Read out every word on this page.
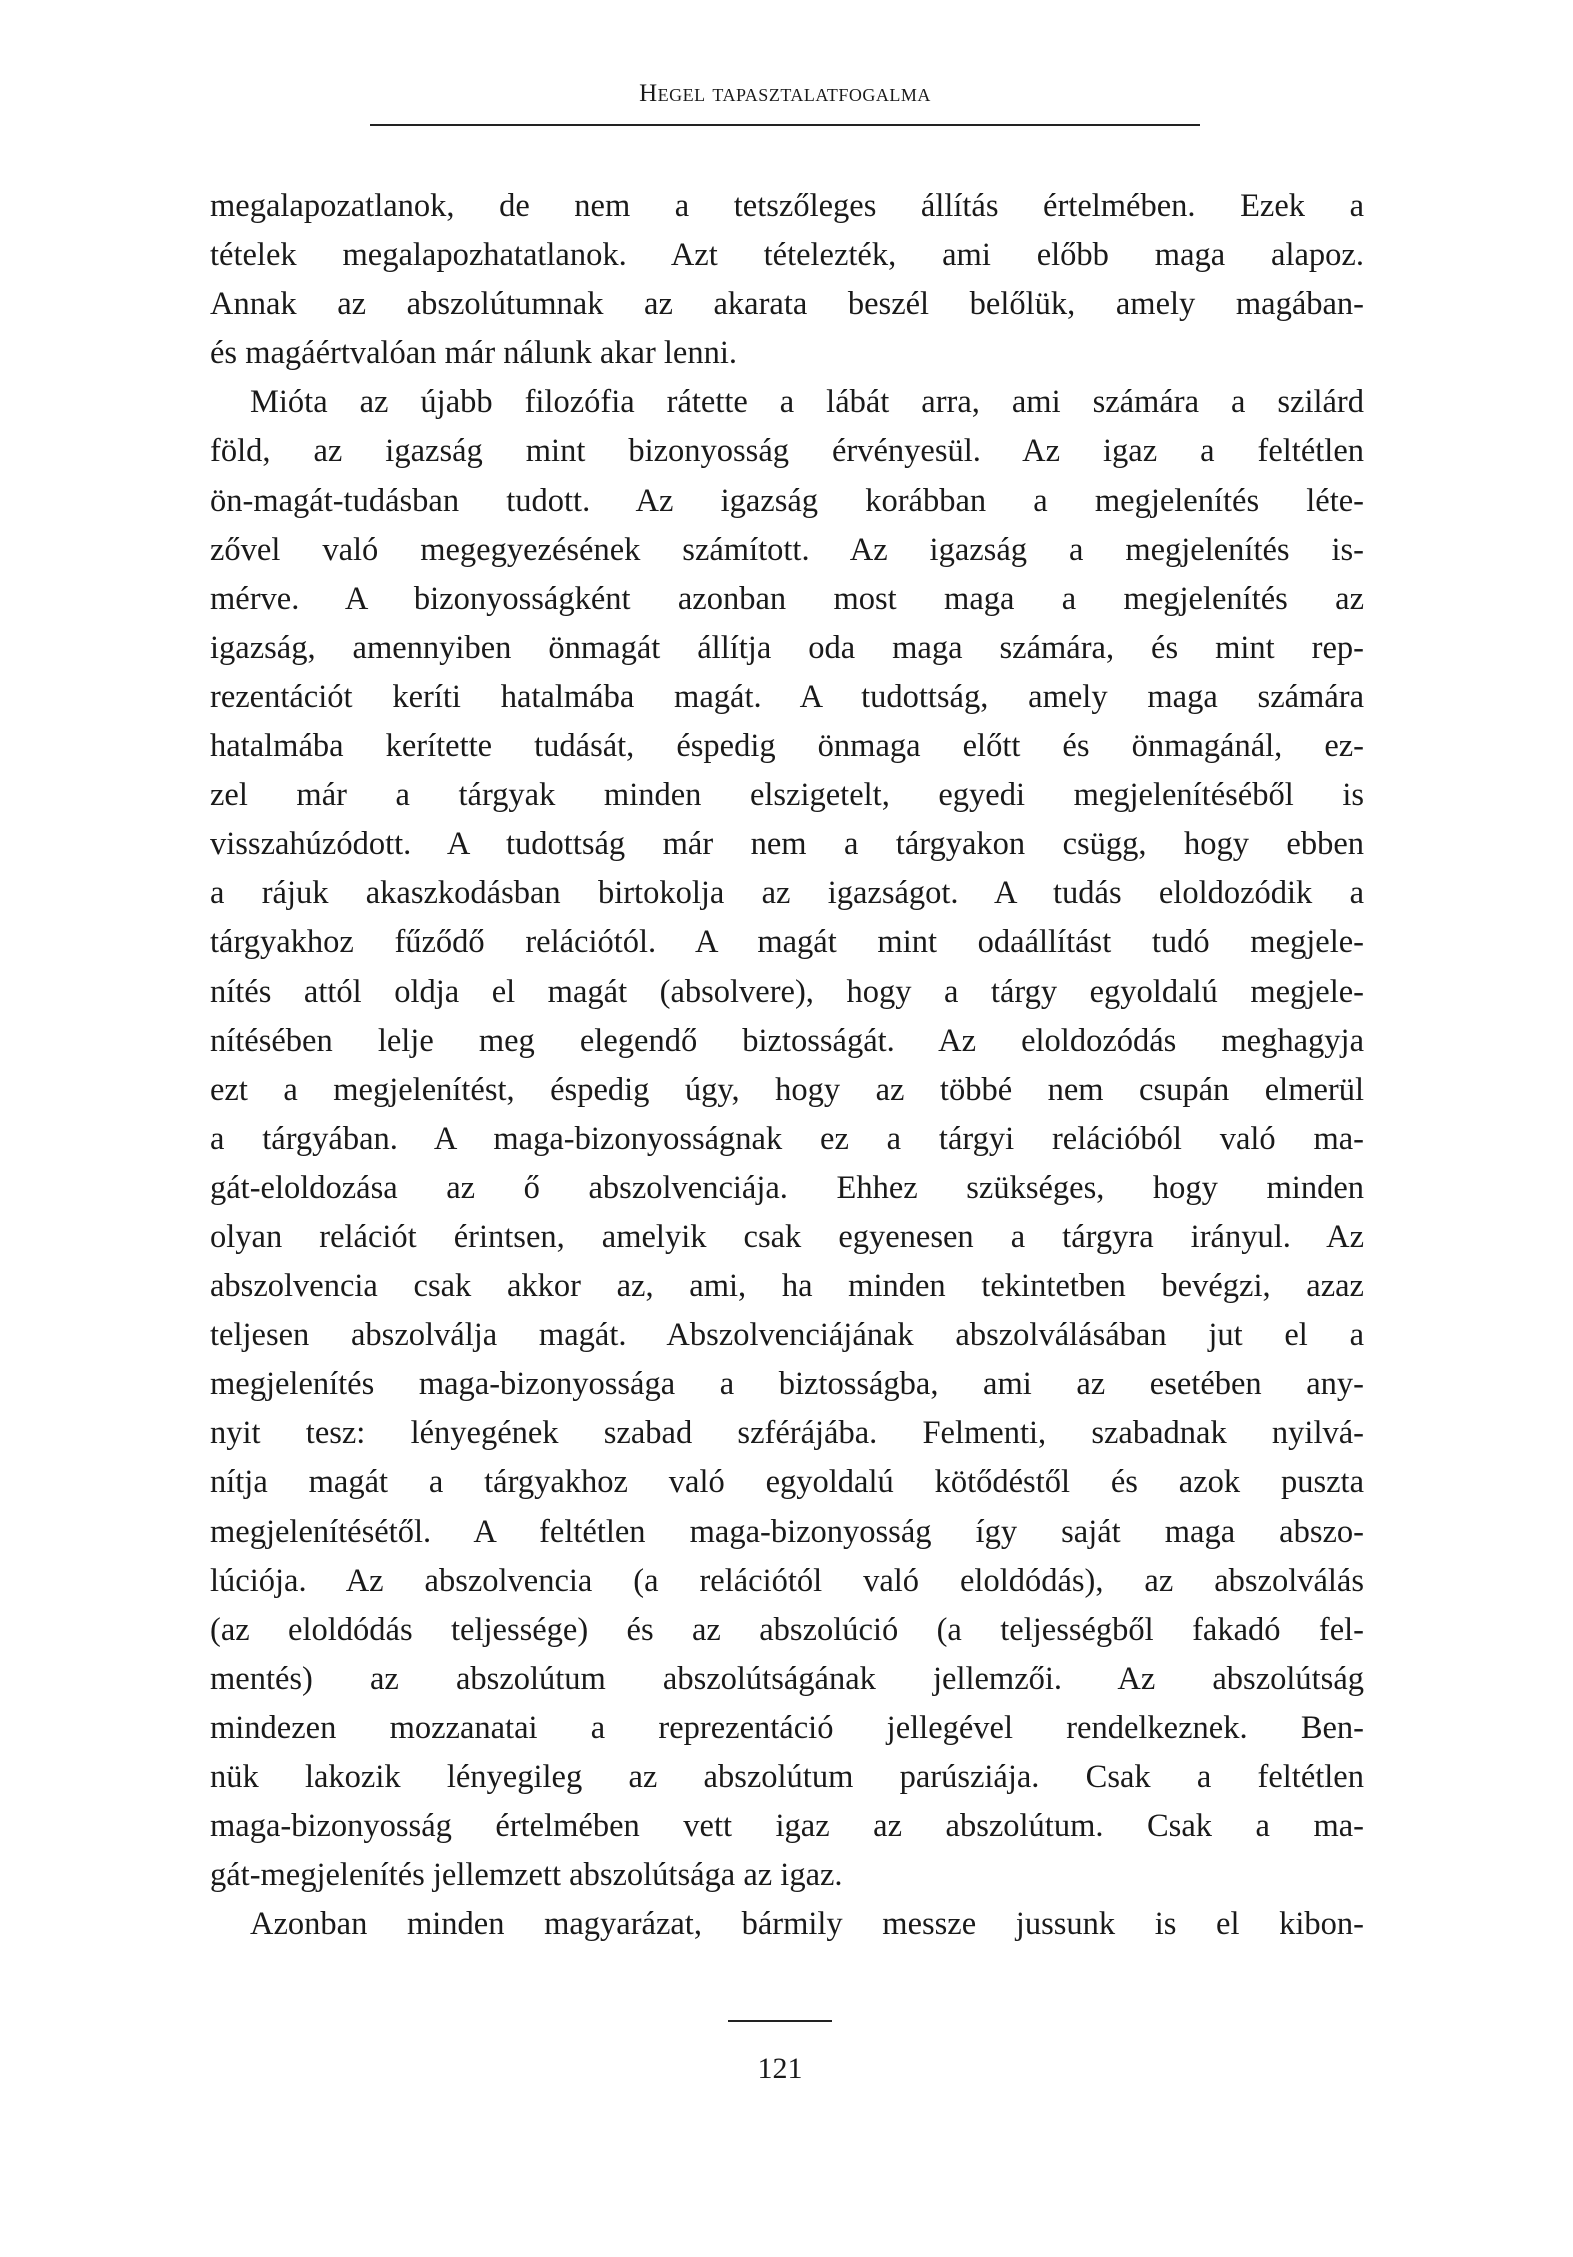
Hegel tapasztalatfogalma
megalapozatlanok, de nem a tetszőleges állítás értelmében. Ezek a
tételek megalapozhatatlanok. Azt tételezték, ami előbb maga alapoz.
Annak az abszolútumnak az akarata beszél belőlük, amely magában-
és magáértvalóan már nálunk akar lenni.
Mióta az újabb filozófia rátette a lábát arra, ami számára a szilárd
föld, az igazság mint bizonyosság érvényesül. Az igaz a feltétlen
ön-magát-tudásban tudott. Az igazság korábban a megjelenítés léte-
zővel való megegyezésének számított. Az igazság a megjelenítés is-
mérve. A bizonyosságként azonban most maga a megjelenítés az
igazság, amennyiben önmagát állítja oda maga számára, és mint rep-
rezentációt keríti hatalmába magát. A tudottság, amely maga számára
hatalmába kerítette tudását, éspedig önmaga előtt és önmagánál, ez-
zel már a tárgyak minden elszigetelt, egyedi megjelenítéséből is
visszahúzódott. A tudottság már nem a tárgyakon csügg, hogy ebben
a rájuk akaszkodásban birtokolja az igazságot. A tudás eloldozódik a
tárgyakhoz fűződő relációtól. A magát mint odaállítást tudó megjele-
nítés attól oldja el magát (absolvere), hogy a tárgy egyoldalú megjele-
nítésében lelje meg elegendő biztosságát. Az eloldozódás meghagyja
ezt a megjelenítést, éspedig úgy, hogy az többé nem csupán elmerül
a tárgyában. A maga-bizonyosságnak ez a tárgyi relációból való ma-
gát-eloldozása az ő abszolvenciája. Ehhez szükséges, hogy minden
olyan relációt érintsen, amelyik csak egyenesen a tárgyra irányul. Az
abszolvencia csak akkor az, ami, ha minden tekintetben bevégzi, azaz
teljesen abszolválja magát. Abszolvenciájának abszolválásában jut el a
megjelenítés maga-bizonyossága a biztosságba, ami az esetében any-
nyit tesz: lényegének szabad szférájába. Felmenti, szabadnak nyilvá-
nítja magát a tárgyakhoz való egyoldalú kötődéstől és azok puszta
megjelenítésétől. A feltétlen maga-bizonyosság így saját maga abszo-
lúciója. Az abszolvencia (a relációtól való eloldódás), az abszolválás
(az eloldódás teljessége) és az abszolúció (a teljességből fakadó fel-
mentés) az abszolútum abszolútságának jellemzői. Az abszolútság
mindezen mozzanatai a reprezentáció jellegével rendelkeznek. Ben-
nük lakozik lényegileg az abszolútum parúsziája. Csak a feltétlen
maga-bizonyosság értelmében vett igaz az abszolútum. Csak a ma-
gát-megjelenítés jellemzett abszolútsága az igaz.
Azonban minden magyarázat, bármily messze jussunk is el kibon-
121
